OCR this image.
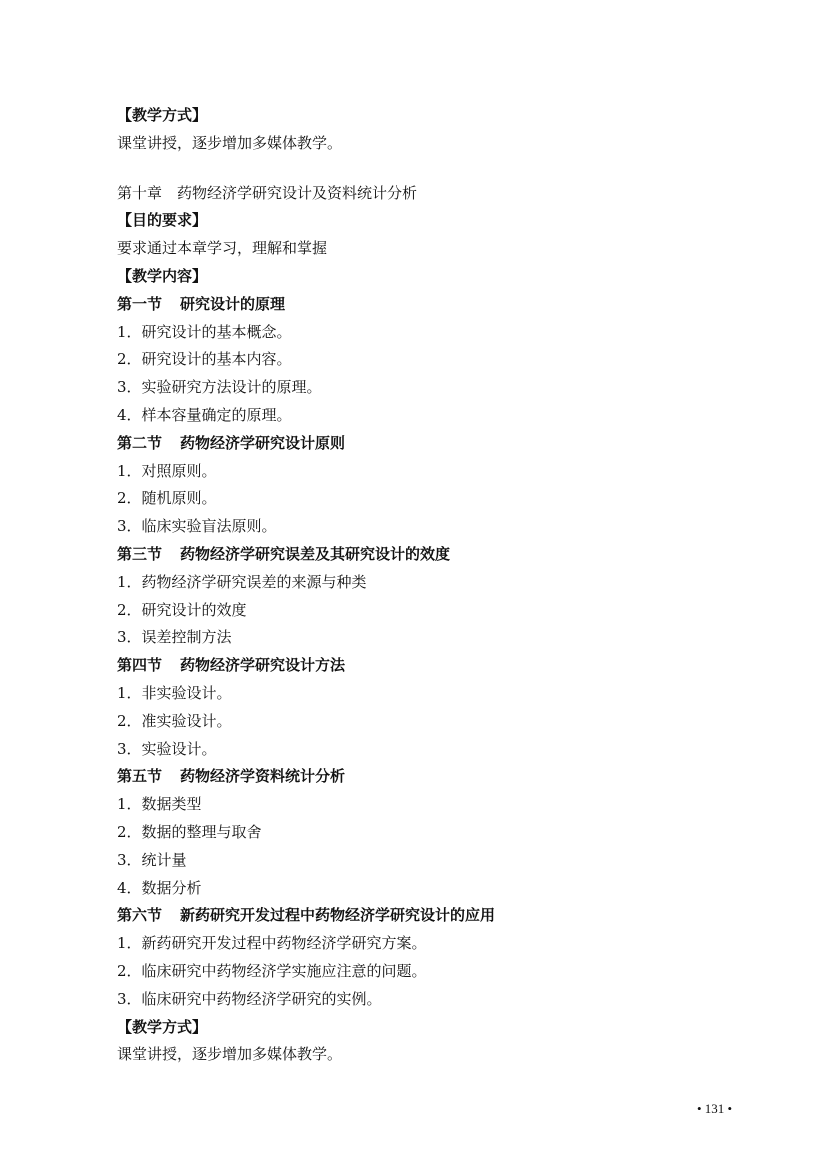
【教学方式】
课堂讲授，逐步增加多媒体教学。
第十章　药物经济学研究设计及资料统计分析
【目的要求】
要求通过本章学习，理解和掌握
【教学内容】
第一节 研究设计的原理
1．研究设计的基本概念。
2．研究设计的基本内容。
3．实验研究方法设计的原理。
4．样本容量确定的原理。
第二节 药物经济学研究设计原则
1．对照原则。
2．随机原则。
3．临床实验盲法原则。
第三节 药物经济学研究误差及其研究设计的效度
1．药物经济学研究误差的来源与种类
2．研究设计的效度
3．误差控制方法
第四节 药物经济学研究设计方法
1．非实验设计。
2．准实验设计。
3．实验设计。
第五节 药物经济学资料统计分析
1．数据类型
2．数据的整理与取舍
3．统计量
4．数据分析
第六节 新药研究开发过程中药物经济学研究设计的应用
1．新药研究开发过程中药物经济学研究方案。
2．临床研究中药物经济学实施应注意的问题。
3．临床研究中药物经济学研究的实例。
【教学方式】
课堂讲授，逐步增加多媒体教学。
• 131 •
